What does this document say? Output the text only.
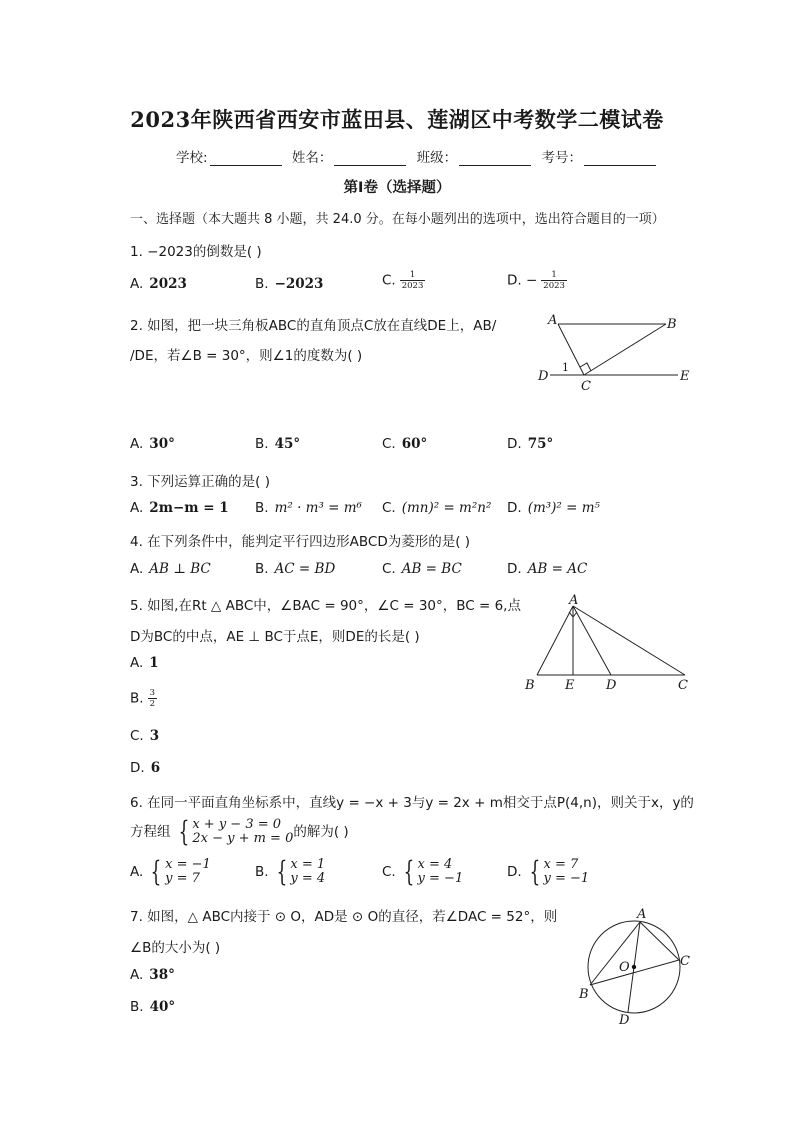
2023年陕西省西安市蓝田县、莲湖区中考数学二模试卷
学校:	姓名：	班级：	考号：
第Ⅰ卷（选择题）
一、选择题（本大题共 8 小题，共 24.0 分。在每小题列出的选项中，选出符合题目的一项）
1. −2023的倒数是( )
A. 2023	B. −2023	C. $\frac{1}{2023}$	D. − $\frac{1}{2023}$
2. 如图，把一块三角板ABC的直角顶点C放在直线DE上，AB/
/DE，若∠B = 30°，则∠1的度数为( )
A	B
C
D	E
1
A. 30°	B. 45°	C. 60°	D. 75°
3. 下列运算正确的是( )
A. 2m−m = 1 B. m² · m³ = m⁶ C. (mn)² = m²n² D. (m³)² = m⁵
4. 在下列条件中，能判定平行四边形ABCD为菱形的是( )
A. AB ⊥ BC	B. AC = BD	C. AB = BC	D. AB = AC
5. 如图,在Rt △ ABC中，∠BAC = 90°，∠C = 30°，BC = 6,点
D为BC的中点，AE ⊥ BC于点E，则DE的长是( )
A
B	C
D
E
A. 1
B. $\frac{3}{2}$
C. 3
D. 6
6. 在同一平面直角坐标系中，直线y = −x + 3与y = 2x + m相交于点P(4,n)，则关于x，y的
方程组 { x + y − 3 = 0
2x − y + m = 0 的解为( )
A. { x = −1
y = 7	B. { x = 1
y = 4	C. { x = 4
y = −1	D. { x = 7
y = −1
7. 如图，△ ABC内接于 ⊙ O，AD是 ⊙ O的直径，若∠DAC = 52°，则
∠B的大小为( )
A
B
C
D
O
A. 38°
B. 40°
